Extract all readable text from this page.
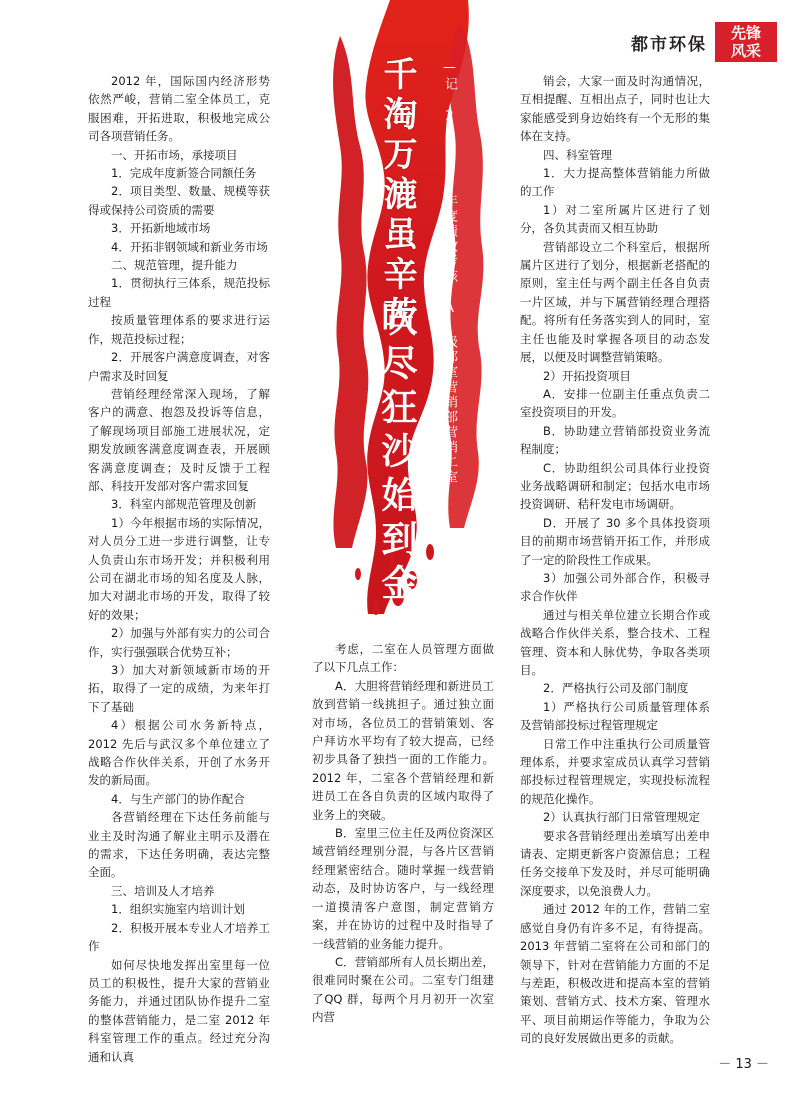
都市环保
先锋
风采
千淘万漉虽辛苦 —记 2012 年度绩效考核 A 级部室营销部营销二室
吹尽狂沙始到金

2012 年，国际国内经济形势依然严峻，营销二室全体员工，克服困难，开拓进取，积极地完成公司各项营销任务。

一、开拓市场，承接项目

1．完成年度新签合同额任务

2．项目类型、数量、规模等获得或保持公司资质的需要

3．开拓新地域市场

4．开拓非钢领域和新业务市场

二、规范管理，提升能力

1．贯彻执行三体系，规范投标过程

按质量管理体系的要求进行运作，规范投标过程；

2．开展客户满意度调查，对客户需求及时回复

营销经理经常深入现场，了解客户的满意、抱怨及投诉等信息，了解现场项目部施工进展状况，定期发放顾客满意度调查表，开展顾客满意度调查；及时反馈于工程部、科技开发部对客户需求回复

3．科室内部规范管理及创新

1）今年根据市场的实际情况，对人员分工进一步进行调整，让专人负责山东市场开发；并积极利用公司在湖北市场的知名度及人脉，加大对湖北市场的开发，取得了较好的效果；

2）加强与外部有实力的公司合作，实行强强联合优势互补；

3）加大对新领域新市场的开拓，取得了一定的成绩，为来年打下了基础

4）根据公司水务新特点，2012 先后与武汉多个单位建立了战略合作伙伴关系，开创了水务开发的新局面。

4．与生产部门的协作配合

各营销经理在下达任务前能与业主及时沟通了解业主明示及潜在的需求，下达任务明确，表达完整全面。

三、培训及人才培养

1．组织实施室内培训计划

2．积极开展本专业人才培养工作

如何尽快地发挥出室里每一位员工的积极性，提升大家的营销业务能力，并通过团队协作提升二室的整体营销能力，是二室 2012 年科室管理工作的重点。经过充分沟通和认真

考虑，二室在人员管理方面做了以下几点工作：

A．大胆将营销经理和新进员工放到营销一线挑担子。通过独立面对市场，各位员工的营销策划、客户拜访水平均有了较大提高，已经初步具备了独挡一面的工作能力。2012 年，二室各个营销经理和新进员工在各自负责的区域内取得了业务上的突破。

B．室里三位主任及两位资深区域营销经理别分混，与各片区营销经理紧密结合。随时掌握一线营销动态，及时协访客户，与一线经理一道摸清客户意图，制定营销方案，并在协访的过程中及时指导了一线营销的业务能力提升。

C．营销部所有人员长期出差，很难同时聚在公司。二室专门组建了QQ 群，每两个月月初开一次室内营

销会，大家一面及时沟通情况，互相提醒、互相出点子，同时也让大家能感受到身边始终有一个无形的集体在支持。

四、科室管理

1．大力提高整体营销能力所做的工作

1）对二室所属片区进行了划分，各负其责而又相互协助

营销部设立二个科室后，根据所属片区进行了划分，根据新老搭配的原则，室主任与两个副主任各自负责一片区域，并与下属营销经理合理搭配。将所有任务落实到人的同时，室主任也能及时掌握各项目的动态发展，以便及时调整营销策略。

2）开拓投资项目

A．安排一位副主任重点负责二室投资项目的开发。

B．协助建立营销部投资业务流程制度；

C．协助组织公司具体行业投资业务战略调研和制定；包括水电市场投资调研、秸秆发电市场调研。

D．开展了 30 多个具体投资项目的前期市场营销开拓工作，并形成了一定的阶段性工作成果。

3）加强公司外部合作，积极寻求合作伙伴

通过与相关单位建立长期合作或战略合作伙伴关系，整合技术、工程管理、资本和人脉优势，争取各类项目。

2．严格执行公司及部门制度

1）严格执行公司质量管理体系及营销部投标过程管理规定

日常工作中注重执行公司质量管理体系，并要求室成员认真学习营销部投标过程管理规定，实现投标流程的规范化操作。

2）认真执行部门日常管理规定

要求各营销经理出差填写出差申请表、定期更新客户资源信息；工程任务交接单下发及时，并尽可能明确深度要求，以免浪费人力。

通过 2012 年的工作，营销二室感觉自身仍有许多不足，有待提高。2013 年营销二室将在公司和部门的领导下，针对在营销能力方面的不足与差距，积极改进和提高本室的营销策划、营销方式、技术方案、管理水平、项目前期运作等能力，争取为公司的良好发展做出更多的贡献。

－ 13 －
